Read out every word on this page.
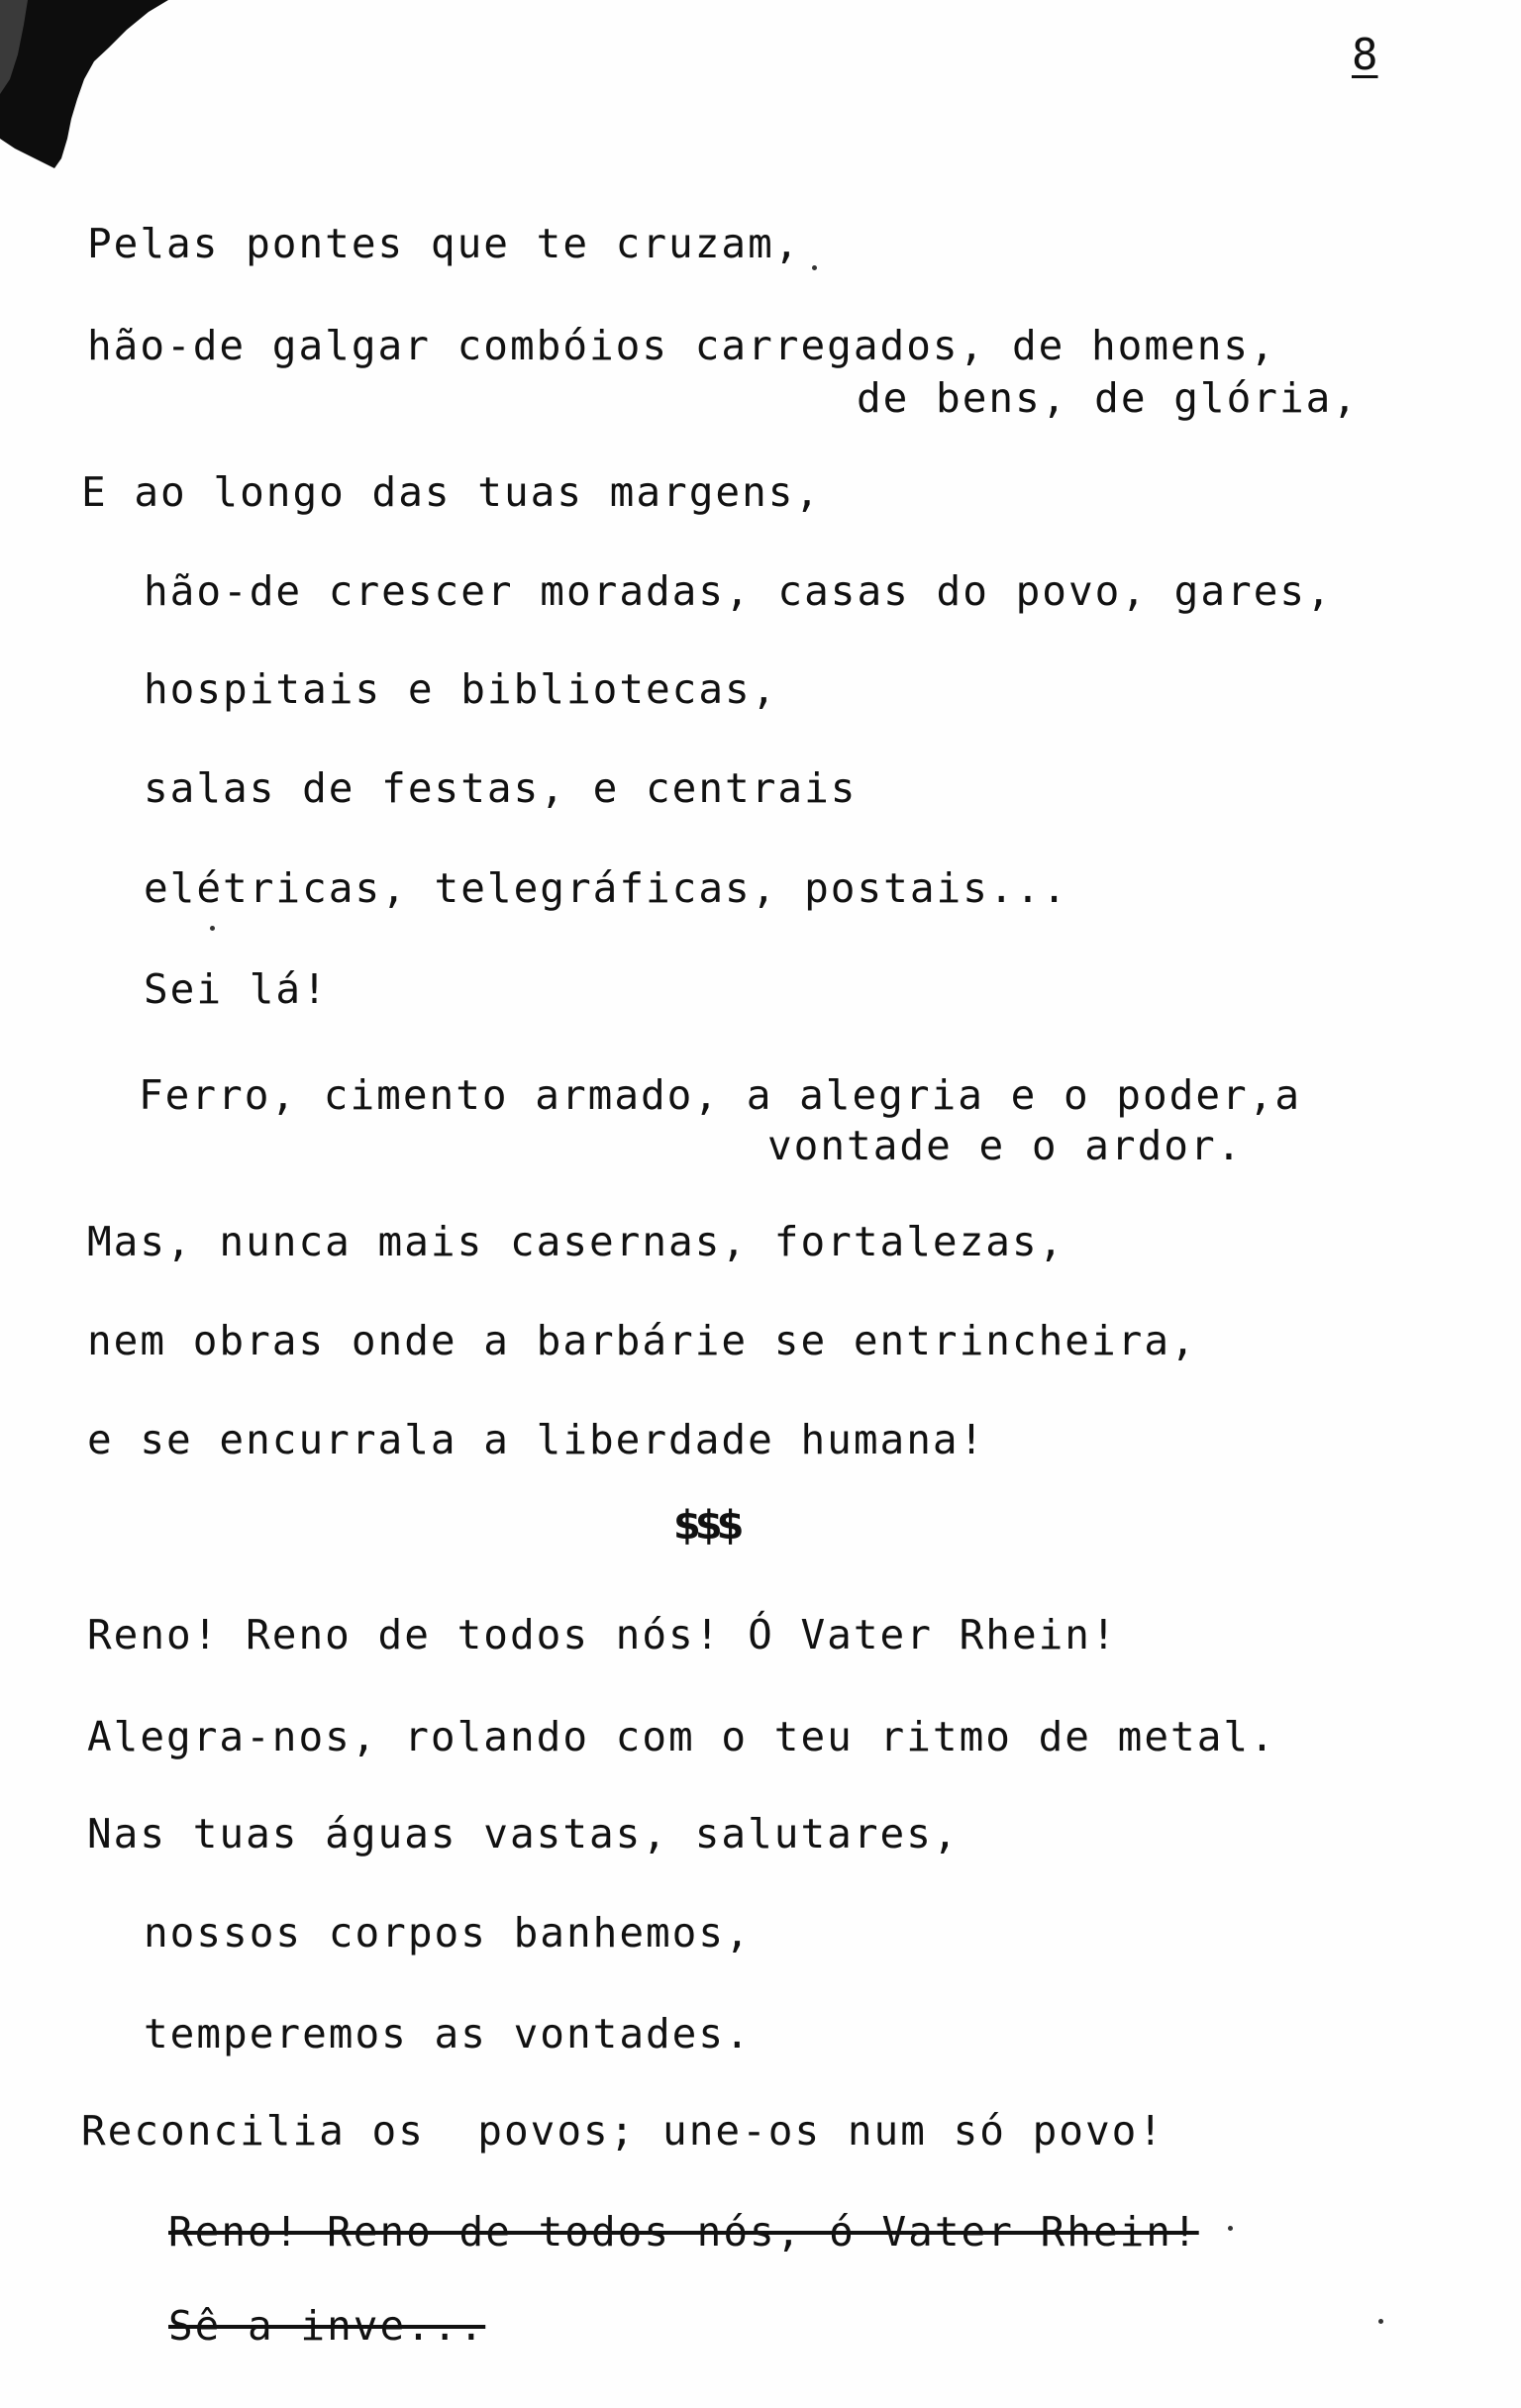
8
Pelas pontes que te cruzam,
hão-de galgar combóios carregados, de homens,
de bens, de glória,
E ao longo das tuas margens,
hão-de crescer moradas, casas do povo, gares,
hospitais e bibliotecas,
salas de festas, e centrais
elétricas, telegráficas, postais...
Sei lá!
Ferro, cimento armado, a alegria e o poder,a
vontade e o ardor.
Mas, nunca mais casernas, fortalezas,
nem obras onde a barbárie se entrincheira,
e se encurrala a liberdade humana!
$$$
Reno! Reno de todos nós! Ó Vater Rhein!
Alegra-nos, rolando com o teu ritmo de metal.
Nas tuas águas vastas, salutares,
nossos corpos banhemos,
temperemos as vontades.
Reconcilia os  povos; une-os num só povo!
Reno! Reno de todos nós, ó Vater Rhein!
Sê a inve...
